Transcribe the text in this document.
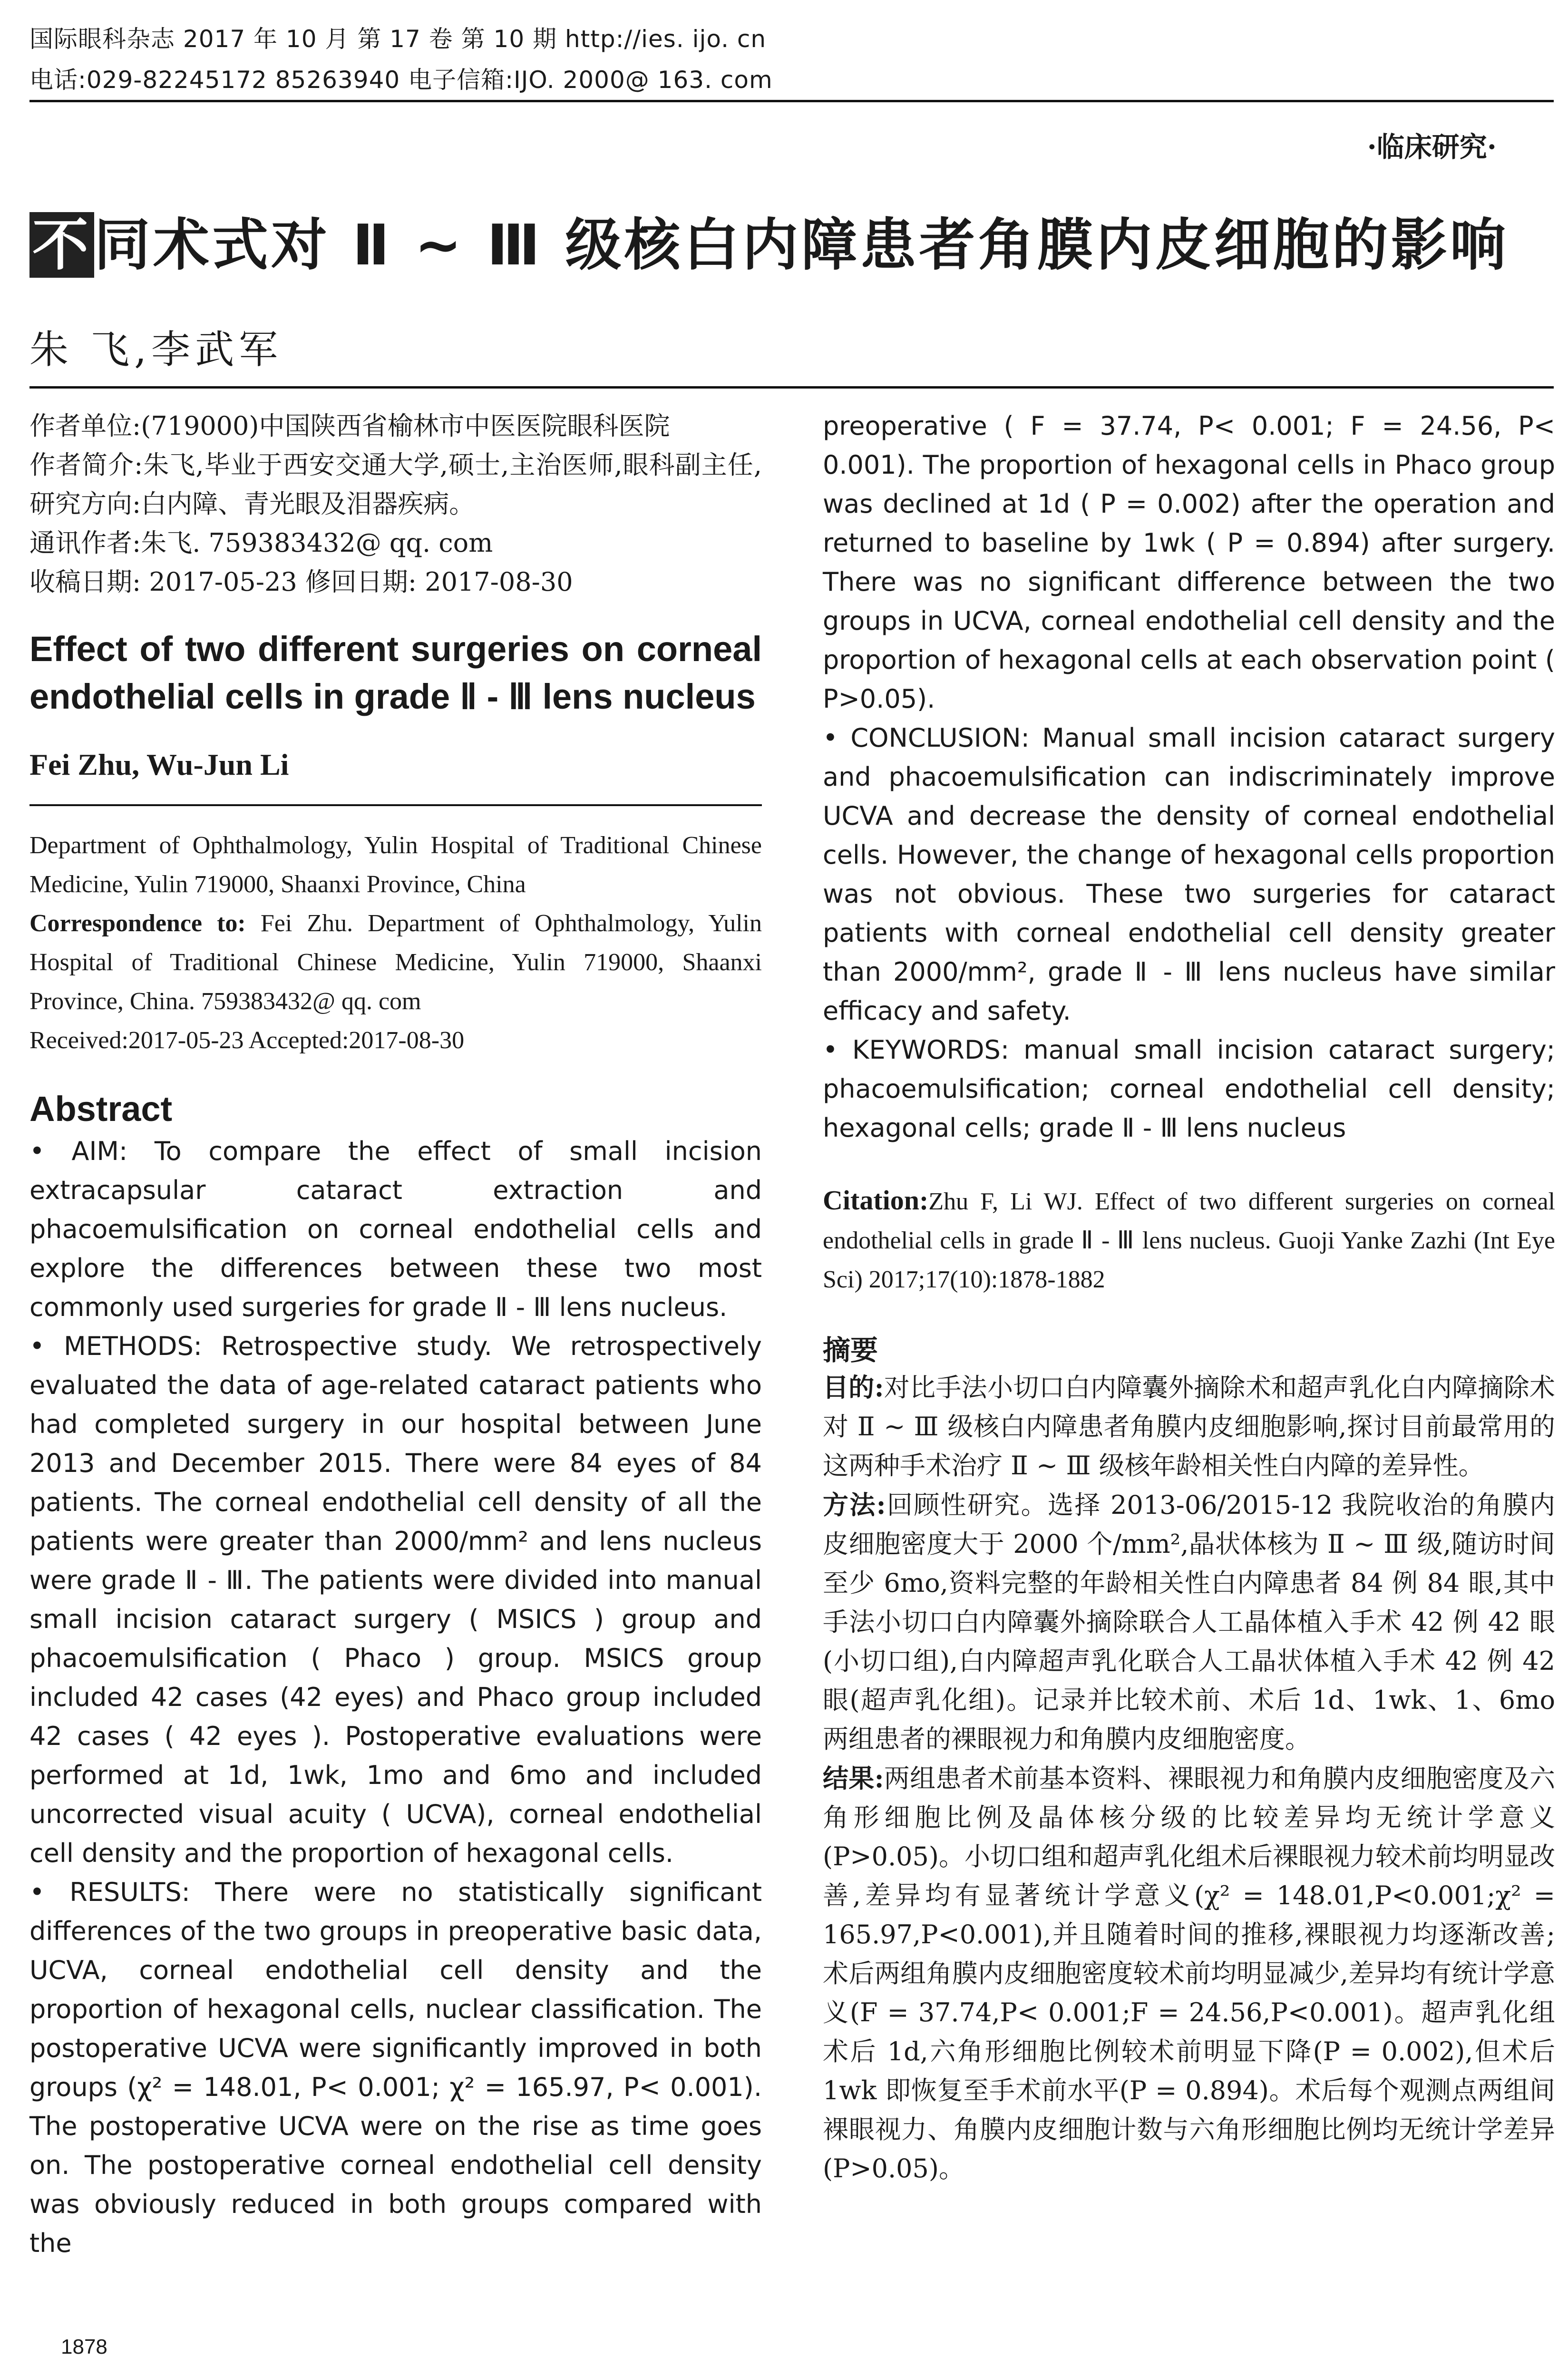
国际眼科杂志 2017 年 10 月 第 17 卷 第 10 期 http://ies. ijo. cn
电话:029-82245172 85263940 电子信箱:IJO. 2000@ 163. com
·临床研究·
不同术式对 Ⅱ ~ Ⅲ 级核白内障患者角膜内皮细胞的影响
朱 飞,李武军

作者单位:(719000)中国陕西省榆林市中医医院眼科医院

作者简介:朱飞,毕业于西安交通大学,硕士,主治医师,眼科副主任,研究方向:白内障、青光眼及泪器疾病。

通讯作者:朱飞. 759383432@ qq. com

收稿日期: 2017-05-23 修回日期: 2017-08-30

Effect of two different surgeries on corneal endothelial cells in grade Ⅱ - Ⅲ lens nucleus
Fei Zhu, Wu-Jun Li

Department of Ophthalmology, Yulin Hospital of Traditional Chinese Medicine, Yulin 719000, Shaanxi Province, China

Correspondence to: Fei Zhu. Department of Ophthalmology, Yulin Hospital of Traditional Chinese Medicine, Yulin 719000, Shaanxi Province, China. 759383432@ qq. com

Received:2017-05-23 Accepted:2017-08-30

Abstract

• AIM: To compare the effect of small incision extracapsular cataract extraction and phacoemulsification on corneal endothelial cells and explore the differences between these two most commonly used surgeries for grade Ⅱ - Ⅲ lens nucleus.

• METHODS: Retrospective study. We retrospectively evaluated the data of age-related cataract patients who had completed surgery in our hospital between June 2013 and December 2015. There were 84 eyes of 84 patients. The corneal endothelial cell density of all the patients were greater than 2000/mm² and lens nucleus were grade Ⅱ - Ⅲ. The patients were divided into manual small incision cataract surgery ( MSICS ) group and phacoemulsification ( Phaco ) group. MSICS group included 42 cases (42 eyes) and Phaco group included 42 cases ( 42 eyes ). Postoperative evaluations were performed at 1d, 1wk, 1mo and 6mo and included uncorrected visual acuity ( UCVA), corneal endothelial cell density and the proportion of hexagonal cells.

• RESULTS: There were no statistically significant differences of the two groups in preoperative basic data, UCVA, corneal endothelial cell density and the proportion of hexagonal cells, nuclear classification. The postoperative UCVA were significantly improved in both groups (χ² = 148.01, P< 0.001; χ² = 165.97, P< 0.001). The postoperative UCVA were on the rise as time goes on. The postoperative corneal endothelial cell density was obviously reduced in both groups compared with the

preoperative ( F = 37.74, P< 0.001; F = 24.56, P< 0.001). The proportion of hexagonal cells in Phaco group was declined at 1d ( P = 0.002) after the operation and returned to baseline by 1wk ( P = 0.894) after surgery. There was no significant difference between the two groups in UCVA, corneal endothelial cell density and the proportion of hexagonal cells at each observation point ( P>0.05).

• CONCLUSION: Manual small incision cataract surgery and phacoemulsification can indiscriminately improve UCVA and decrease the density of corneal endothelial cells. However, the change of hexagonal cells proportion was not obvious. These two surgeries for cataract patients with corneal endothelial cell density greater than 2000/mm², grade Ⅱ - Ⅲ lens nucleus have similar efficacy and safety.

• KEYWORDS: manual small incision cataract surgery; phacoemulsification; corneal endothelial cell density; hexagonal cells; grade Ⅱ - Ⅲ lens nucleus

Citation:Zhu F, Li WJ. Effect of two different surgeries on corneal endothelial cells in grade Ⅱ - Ⅲ lens nucleus. Guoji Yanke Zazhi (Int Eye Sci) 2017;17(10):1878-1882

摘要

目的:对比手法小切口白内障囊外摘除术和超声乳化白内障摘除术对 Ⅱ ~ Ⅲ 级核白内障患者角膜内皮细胞影响,探讨目前最常用的这两种手术治疗 Ⅱ ~ Ⅲ 级核年龄相关性白内障的差异性。

方法:回顾性研究。选择 2013-06/2015-12 我院收治的角膜内皮细胞密度大于 2000 个/mm²,晶状体核为 Ⅱ ~ Ⅲ 级,随访时间至少 6mo,资料完整的年龄相关性白内障患者 84 例 84 眼,其中手法小切口白内障囊外摘除联合人工晶体植入手术 42 例 42 眼(小切口组),白内障超声乳化联合人工晶状体植入手术 42 例 42 眼(超声乳化组)。记录并比较术前、术后 1d、1wk、1、6mo 两组患者的裸眼视力和角膜内皮细胞密度。

结果:两组患者术前基本资料、裸眼视力和角膜内皮细胞密度及六角形细胞比例及晶体核分级的比较差异均无统计学意义(P>0.05)。小切口组和超声乳化组术后裸眼视力较术前均明显改善,差异均有显著统计学意义(χ² = 148.01,P<0.001;χ² = 165.97,P<0.001),并且随着时间的推移,裸眼视力均逐渐改善;术后两组角膜内皮细胞密度较术前均明显减少,差异均有统计学意义(F = 37.74,P< 0.001;F = 24.56,P<0.001)。超声乳化组术后 1d,六角形细胞比例较术前明显下降(P = 0.002),但术后 1wk 即恢复至手术前水平(P = 0.894)。术后每个观测点两组间裸眼视力、角膜内皮细胞计数与六角形细胞比例均无统计学差异(P>0.05)。

1878
